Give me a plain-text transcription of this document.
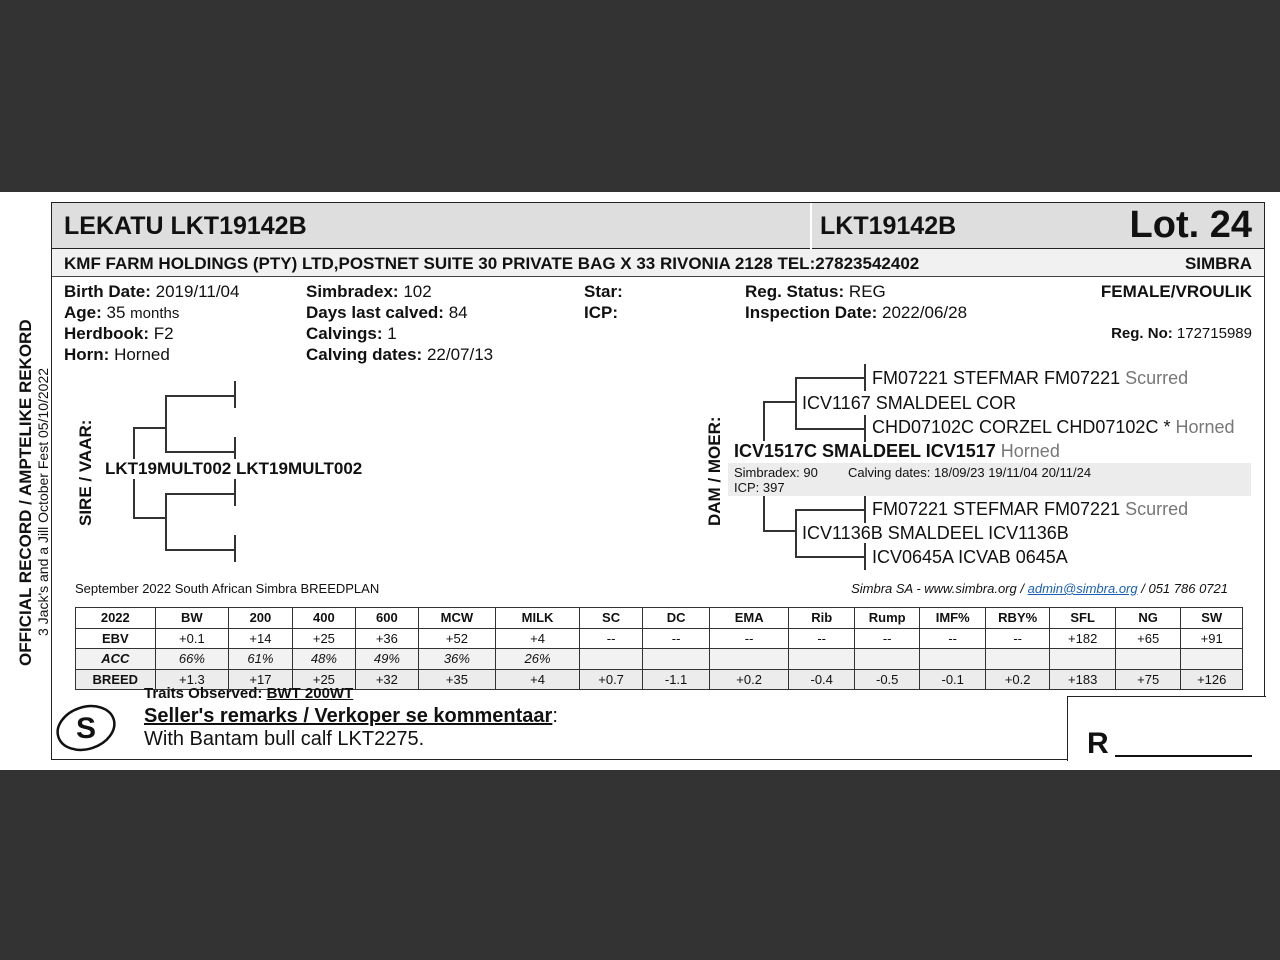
OFFICIAL RECORD / AMPTELIKE REKORD 3 Jack's and a Jill October Fest 05/10/2022
LEKATU LKT19142B	LKT19142B	Lot. 24
KMF FARM HOLDINGS (PTY) LTD,POSTNET SUITE 30 PRIVATE BAG X 33 RIVONIA 2128 TEL:27823542402	SIMBRA
Birth Date: 2019/11/04
Age: 35 months
Herdbook: F2
Horn: Horned
Simbradex: 102
Days last calved: 84
Calvings: 1
Calving dates: 22/07/13
Star:
ICP:
Reg. Status: REG
Inspection Date: 2022/06/28
FEMALE/VROULIK
Reg. No: 172715989
SIRE / VAAR: LKT19MULT002 LKT19MULT002	DAM / MOER:
FM07221 STEFMAR FM07221 Scurred
ICV1167 SMALDEEL COR
CHD07102C CORZEL CHD07102C * Horned
ICV1517C SMALDEEL ICV1517 Horned
Simbradex: 90 Calving dates: 18/09/23 19/11/04 20/11/24
ICP: 397
FM07221 STEFMAR FM07221 Scurred
ICV1136B SMALDEEL ICV1136B
ICV0645A ICVAB 0645A
September 2022 South African Simbra BREEDPLAN	Simbra SA - www.simbra.org / admin@simbra.org / 051 786 0721
2022	BW	200	400	600	MCW	MILK	SC	DC	EMA	Rib	Rump	IMF%	RBY%	SFL	NG	SW
EBV	+0.1	+14	+25	+36	+52	+4	--	--	--	--	--	--	--	+182	+65	+91
ACC	66%	61%	48%	49%	36%	26%										
BREED	+1.3	+17	+25	+32	+35	+4	+0.7	-1.1	+0.2	-0.4	-0.5	-0.1	+0.2	+183	+75	+126
S
Traits Observed: BWT 200WT
Seller's remarks / Verkoper se kommentaar:
With Bantam bull calf LKT2275.	R
